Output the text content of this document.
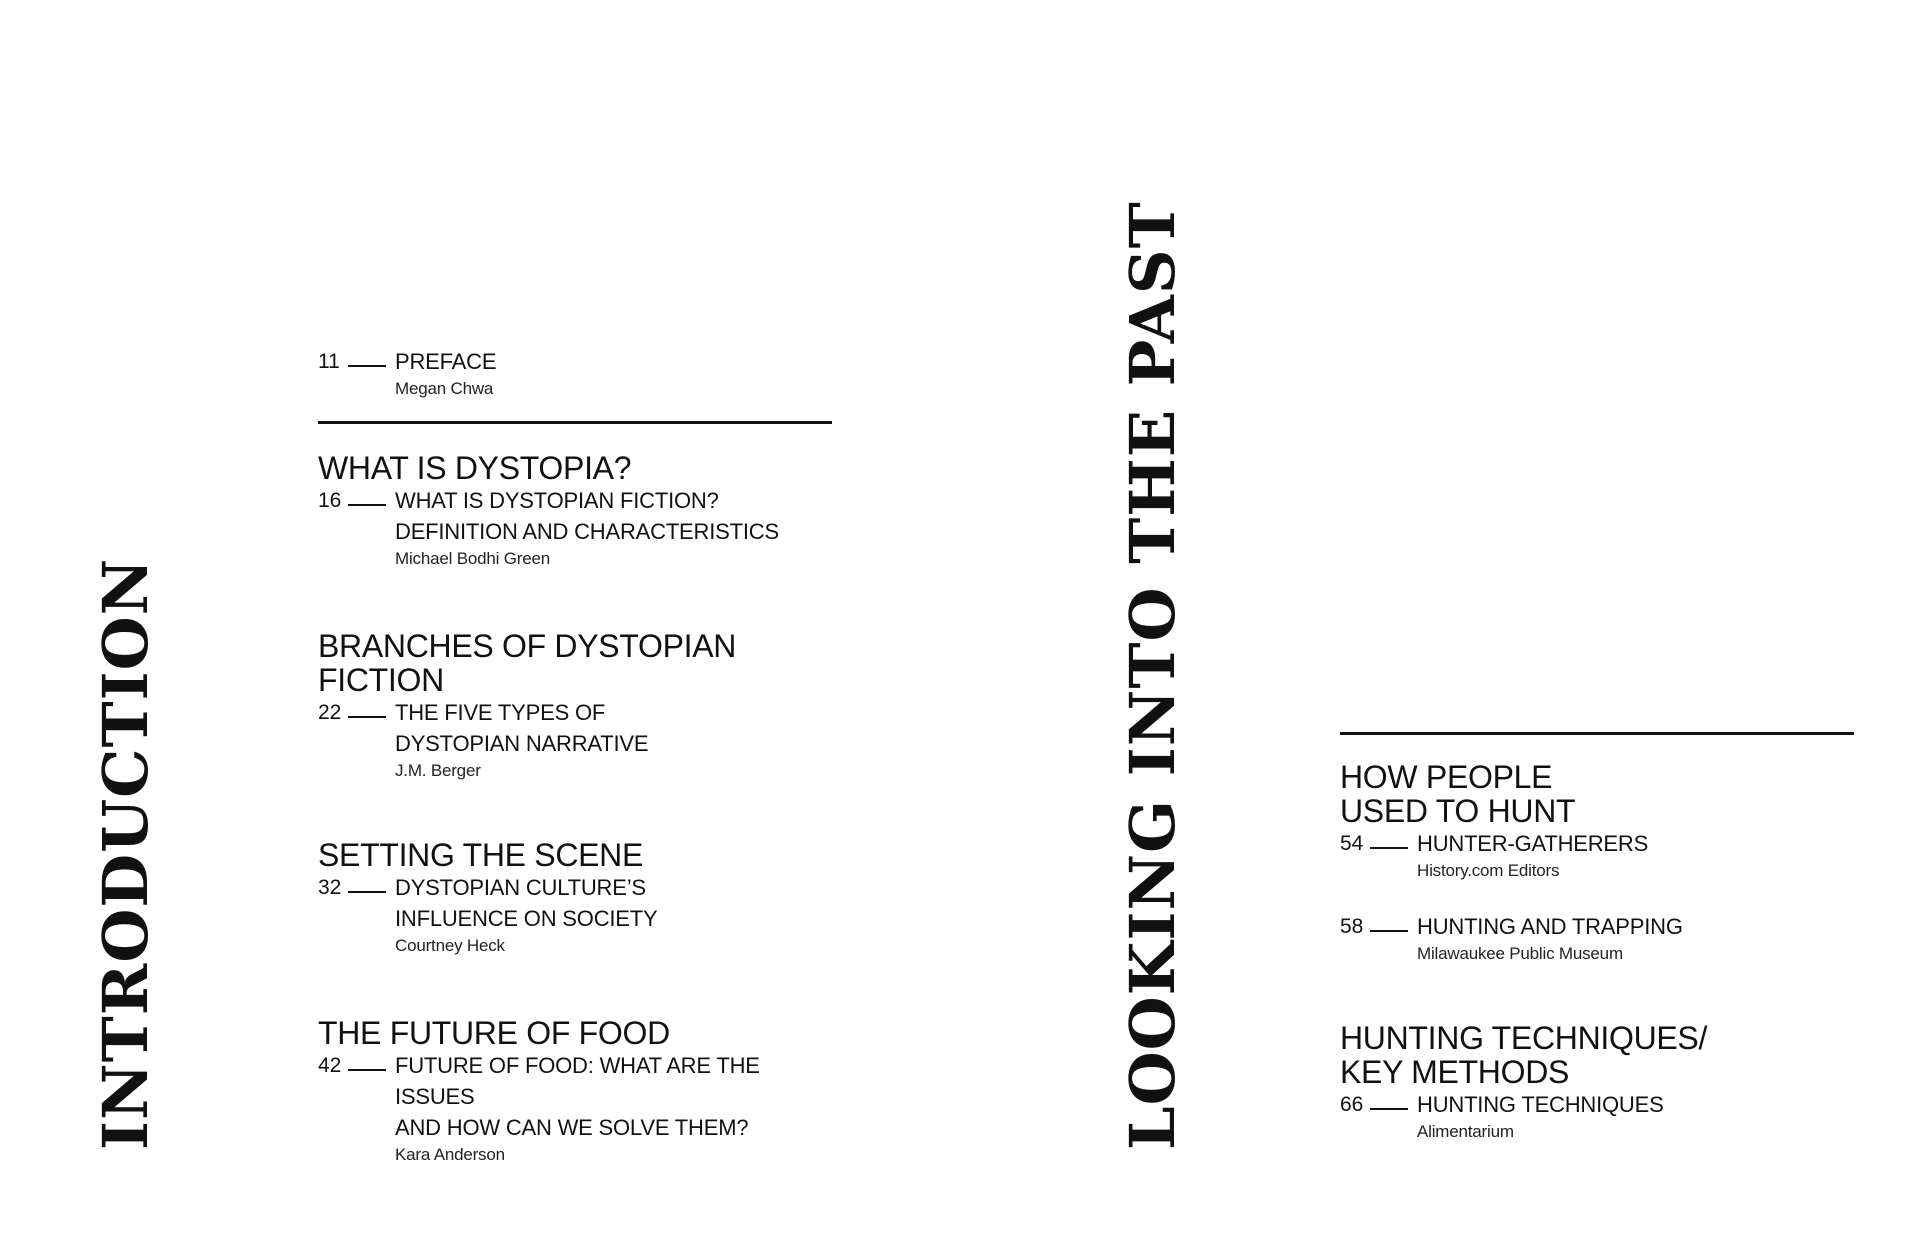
INTRODUCTION	LOOKING INTO THE PAST
11	PREFACE
Megan Chwa
WHAT IS DYSTOPIA?
16 WHAT IS DYSTOPIAN FICTION?
DEFINITION AND CHARACTERISTICS
Michael Bodhi Green
BRANCHES OF DYSTOPIAN
FICTION
22 THE FIVE TYPES OF
DYSTOPIAN NARRATIVE
J.M. Berger
SETTING THE SCENE
32 DYSTOPIAN CULTURE’S
INFLUENCE ON SOCIETY
Courtney Heck
THE FUTURE OF FOOD
42 FUTURE OF FOOD: WHAT ARE THE ISSUES
AND HOW CAN WE SOLVE THEM?
Kara Anderson
HOW PEOPLE
USED TO HUNT
54 HUNTER-GATHERERS
History.com Editors
58 HUNTING AND TRAPPING
Milawaukee Public Museum
HUNTING TECHNIQUES/
KEY METHODS
66 HUNTING TECHNIQUES
Alimentarium
